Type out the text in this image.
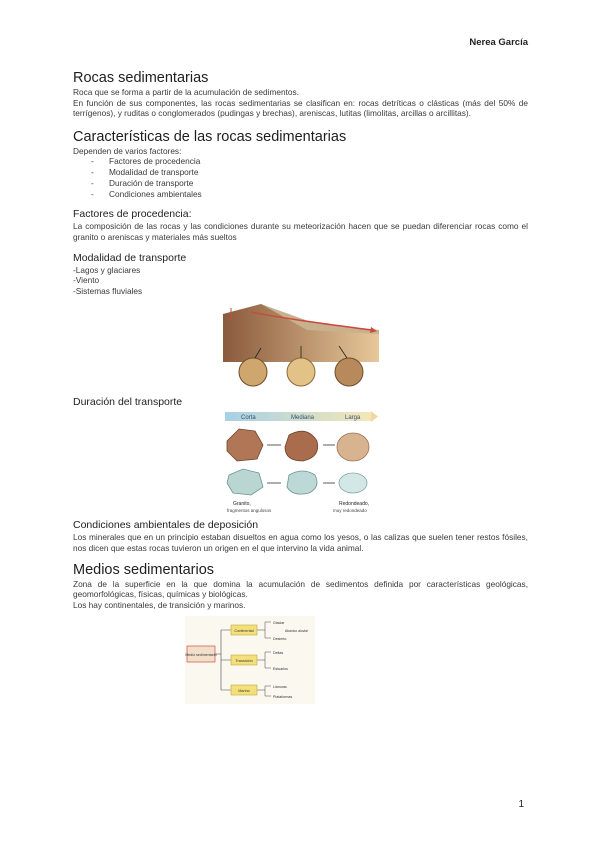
Nerea García
Rocas sedimentarias

Roca que se forma a partir de la acumulación de sedimentos.

En función de sus componentes, las rocas sedimentarias se clasifican en: rocas detríticas o clásticas (más del 50% de terrígenos), y ruditas o conglomerados (pudingas y brechas), areniscas, lutitas (limolitas, arcillas o arcillitas).

Características de las rocas sedimentarias

Dependen de varios factores:

- Factores de procedencia
- Modalidad de transporte
- Duración de transporte
- Condiciones ambientales
Factores de procedencia:

La composición de las rocas y las condiciones durante su meteorización hacen que se puedan diferenciar rocas como el granito o areniscas y materiales más sueltos

Modalidad de transporte

-Lagos y glaciares

-Viento

-Sistemas fluviales

Duración del transporte
Corta	Mediana	Larga
Granito,
fragmentos angulosos
Redondeado,
muy redondeado
Condiciones ambientales de deposición

Los minerales que en un principio estaban disueltos en agua como los yesos, o las calizas que suelen tener restos fósiles, nos dicen que estas rocas tuvieron un origen en el que intervino la vida animal.

Medios sedimentarios

Zona de la superficie en la que domina la acumulación de sedimentos definida por características geológicas, geomorfológicas, físicas, químicas y biológicas.

Los hay continentales, de transición y marinos.

Medio sedimentario
Continental
Transición
Marino
Glaciar
Desierto
Abanico aluvial
Deltas
Estuarios
Llanuras
Plataformas
1
